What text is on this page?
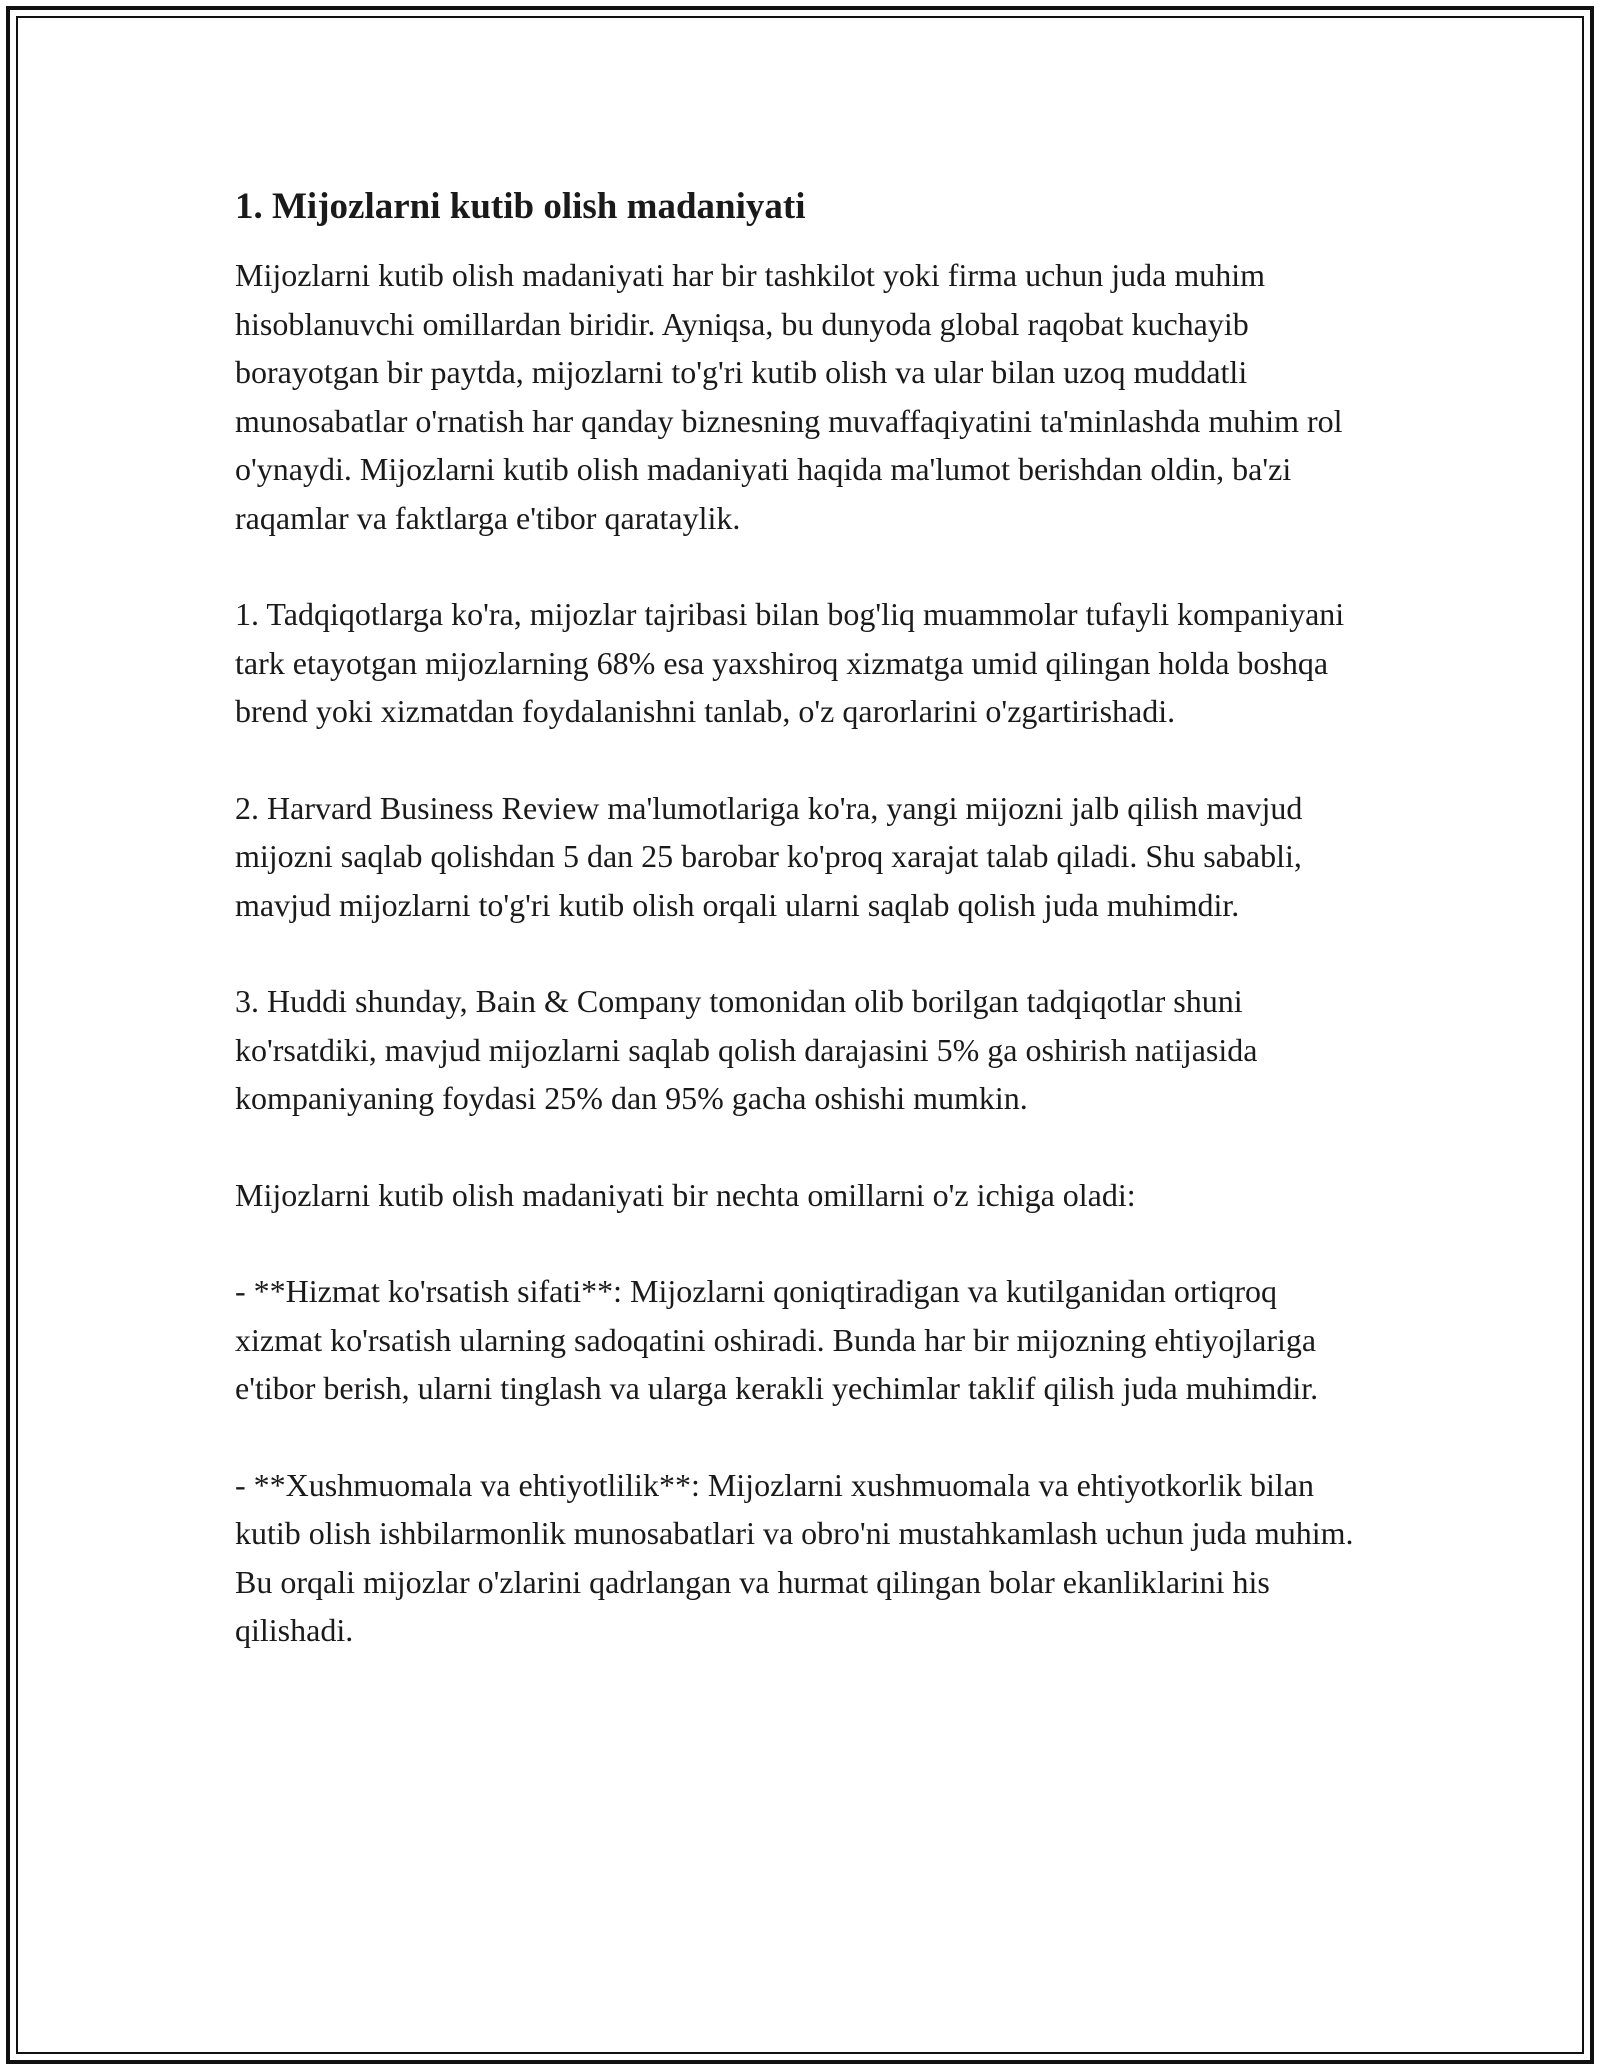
1. Mijozlarni kutib olish madaniyati

Mijozlarni kutib olish madaniyati har bir tashkilot yoki firma uchun juda muhim hisoblanuvchi omillardan biridir. Ayniqsa, bu dunyoda global raqobat kuchayib borayotgan bir paytda, mijozlarni to'g'ri kutib olish va ular bilan uzoq muddatli munosabatlar o'rnatish har qanday biznesning muvaffaqiyatini ta'minlashda muhim rol o'ynaydi. Mijozlarni kutib olish madaniyati haqida ma'lumot berishdan oldin, ba'zi raqamlar va faktlarga e'tibor qarataylik.

1. Tadqiqotlarga ko'ra, mijozlar tajribasi bilan bog'liq muammolar tufayli kompaniyani tark etayotgan mijozlarning 68% esa yaxshiroq xizmatga umid qilingan holda boshqa brend yoki xizmatdan foydalanishni tanlab, o'z qarorlarini o'zgartirishadi.

2. Harvard Business Review ma'lumotlariga ko'ra, yangi mijozni jalb qilish mavjud mijozni saqlab qolishdan 5 dan 25 barobar ko'proq xarajat talab qiladi. Shu sababli, mavjud mijozlarni to'g'ri kutib olish orqali ularni saqlab qolish juda muhimdir.

3. Huddi shunday, Bain & Company tomonidan olib borilgan tadqiqotlar shuni ko'rsatdiki, mavjud mijozlarni saqlab qolish darajasini 5% ga oshirish natijasida kompaniyaning foydasi 25% dan 95% gacha oshishi mumkin.

Mijozlarni kutib olish madaniyati bir nechta omillarni o'z ichiga oladi:

- **Hizmat ko'rsatish sifati**: Mijozlarni qoniqtiradigan va kutilganidan ortiqroq xizmat ko'rsatish ularning sadoqatini oshiradi. Bunda har bir mijozning ehtiyojlariga e'tibor berish, ularni tinglash va ularga kerakli yechimlar taklif qilish juda muhimdir.

- **Xushmuomala va ehtiyotlilik**: Mijozlarni xushmuomala va ehtiyotkorlik bilan kutib olish ishbilarmonlik munosabatlari va obro'ni mustahkamlash uchun juda muhim. Bu orqali mijozlar o'zlarini qadrlangan va hurmat qilingan bolar ekanliklarini his qilishadi.
